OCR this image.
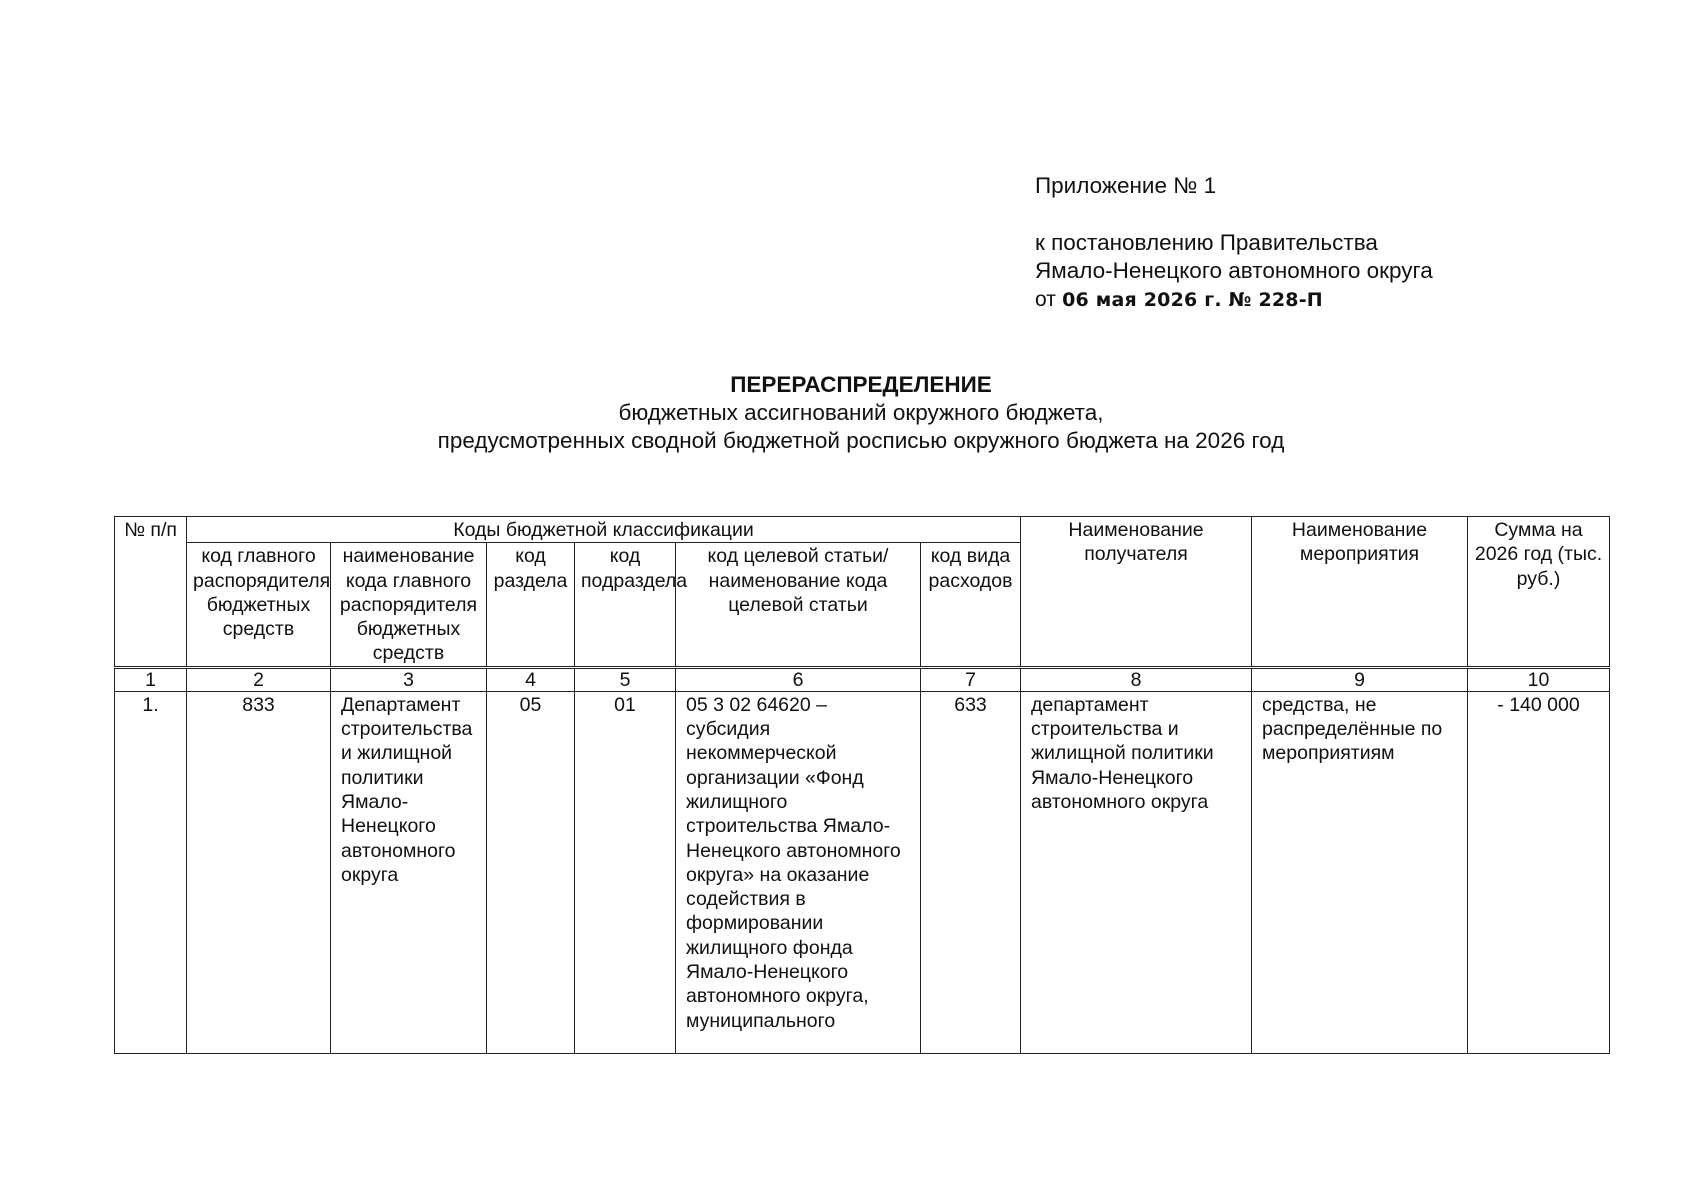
Приложение № 1
к постановлению Правительства
Ямало-Ненецкого автономного округа
от 06 мая 2026 г. № 228-П
ПЕРЕРАСПРЕДЕЛЕНИЕ
бюджетных ассигнований окружного бюджета,
предусмотренных сводной бюджетной росписью окружного бюджета на 2026 год
№ п/п	Коды бюджетной классификации						Наименование получателя	Наименование мероприятия	Сумма на 2026 год (тыс. руб.)
	код главного распорядителя бюджетных средств	наименование кода главного распорядителя бюджетных средств	код раздела	код подраздела	код целевой статьи/наименование кода целевой статьи	код вида расходов			
1	2	3	4	5	6	7	8	9	10

1.	833	Департамент строительства и жилищной политики Ямало-Ненецкого автономного округа	05	01	05 3 02 64620 – субсидия некоммерческой организации «Фонд жилищного строительства Ямало-Ненецкого автономного округа» на оказание содействия в формировании жилищного фонда Ямало-Ненецкого автономного округа, муниципального	633	департамент строительства и жилищной политики Ямало-Ненецкого автономного округа	средства, не распределённые по мероприятиям	- 140 000
